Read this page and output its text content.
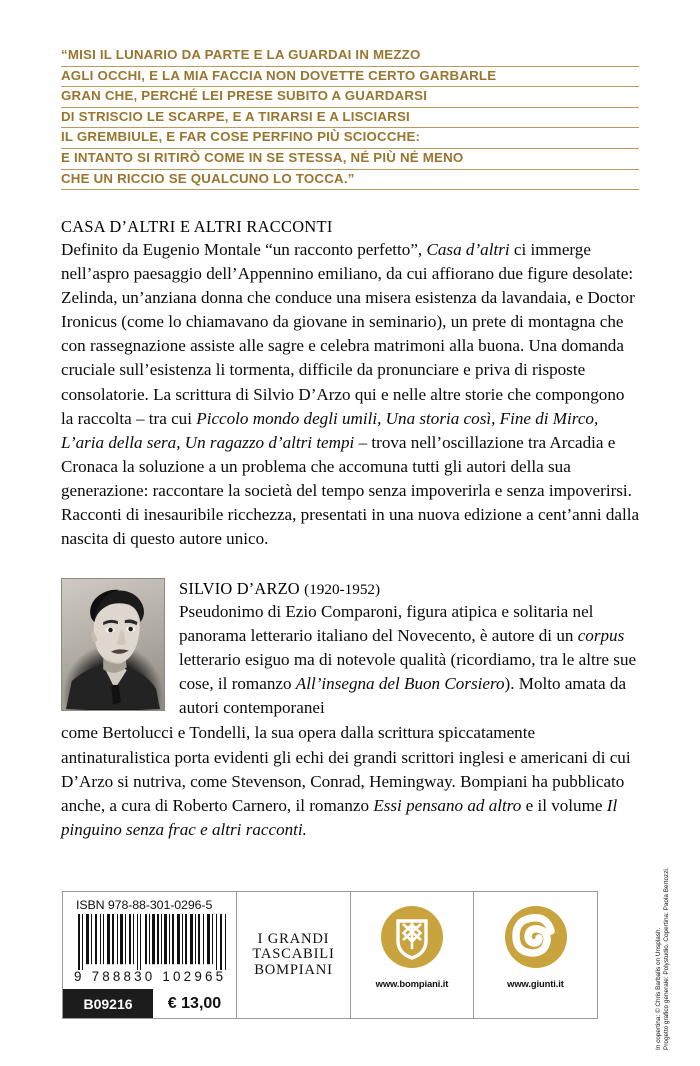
“MISI IL LUNARIO DA PARTE E LA GUARDAI IN MEZZO
AGLI OCCHI, E LA MIA FACCIA NON DOVETTE CERTO GARBARLE
GRAN CHE, PERCHÉ LEI PRESE SUBITO A GUARDARSI
DI STRISCIO LE SCARPE, E A TIRARSI E A LISCIARSI
IL GREMBIULE, E FAR COSE PERFINO PIÙ SCIOCCHE:
E INTANTO SI RITIRÒ COME IN SE STESSA, NÉ PIÙ NÉ MENO
CHE UN RICCIO SE QUALCUNO LO TOCCA.”
CASA D’ALTRI E ALTRI RACCONTI
Definito da Eugenio Montale “un racconto perfetto”, Casa d’altri ci immerge nell’aspro paesaggio dell’Appennino emiliano, da cui affiorano due figure desolate: Zelinda, un’anziana donna che conduce una misera esistenza da lavandaia, e Doctor Ironicus (come lo chiamavano da giovane in seminario), un prete di montagna che con rassegnazione assiste alle sagre e celebra matrimoni alla buona. Una domanda cruciale sull’esistenza li tormenta, difficile da pronunciare e priva di risposte consolatorie. La scrittura di Silvio D’Arzo qui e nelle altre storie che compongono la raccolta – tra cui Piccolo mondo degli umili, Una storia così, Fine di Mirco, L’aria della sera, Un ragazzo d’altri tempi – trova nell’oscillazione tra Arcadia e Cronaca la soluzione a un problema che accomuna tutti gli autori della sua generazione: raccontare la società del tempo senza impoverirla e senza impoverirsi. Racconti di inesauribile ricchezza, presentati in una nuova edizione a cent’anni dalla nascita di questo autore unico.
SILVIO D’ARZO (1920-1952)
Pseudonimo di Ezio Comparoni, figura atipica e solitaria nel panorama letterario italiano del Novecento, è autore di un corpus letterario esiguo ma di notevole qualità (ricordiamo, tra le altre sue cose, il romanzo All’insegna del Buon Corsiero). Molto amata da autori contemporanei
come Bertolucci e Tondelli, la sua opera dalla scrittura spiccatamente antinaturalistica porta evidenti gli echi dei grandi scrittori inglesi e americani di cui D’Arzo si nutriva, come Stevenson, Conrad, Hemingway. Bompiani ha pubblicato anche, a cura di Roberto Carnero, il romanzo Essi pensano ad altro e il volume Il pinguino senza frac e altri racconti.
ISBN 978-88-301-0296-5
9 788830 102965
B09216	€ 13,00
I GRANDI
TASCABILI
BOMPIANI
www.bompiani.it	www.giunti.it	In copertina: © Chris Barbalis on Unsplash. Progetto grafico generale: Polystudio. Copertina: Paola Bertozzi.
